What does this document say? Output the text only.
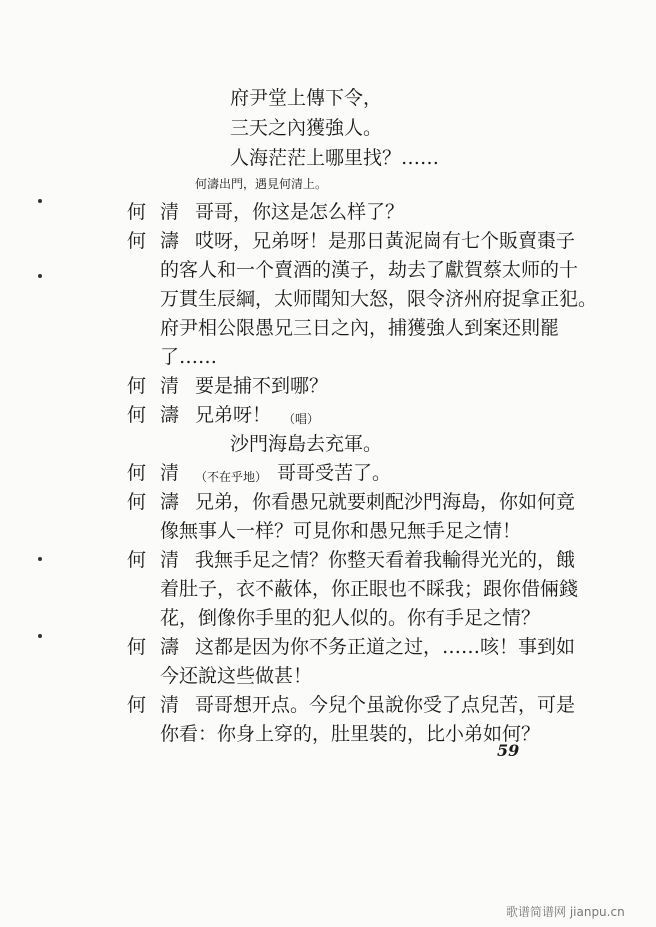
府尹堂上傳下令，
三天之內獲強人。
人海茫茫上哪里找？……
何濤出門，遇見何清上。
何 清 哥哥，你这是怎么样了？
何 濤 哎呀，兄弟呀！是那日黃泥崗有七个販賣棗子
的客人和一个賣酒的漢子，劫去了獻賀蔡太师的十
万貫生辰綱，太师聞知大怒，限令济州府捉拿正犯。
府尹相公限愚兄三日之內，捕獲強人到案还則罷
了……
何 清 要是捕不到哪？
何 濤 兄弟呀！ （唱）
沙門海島去充軍。
何 清 （不在乎地） 哥哥受苦了。
何 濤 兄弟，你看愚兄就要刺配沙門海島，你如何竟
像無事人一样？可見你和愚兄無手足之情！
何 清 我無手足之情？你整天看着我輸得光光的，餓
着肚子，衣不蔽体，你正眼也不睬我；跟你借倆錢
花，倒像你手里的犯人似的。你有手足之情？
何 濤 这都是因为你不务正道之过，……咳！事到如
今还說这些做甚！
何 清 哥哥想开点。今兒个虽說你受了点兒苦，可是
你看：你身上穿的，肚里裝的，比小弟如何？
59
歌谱简谱网 jianpu.cn
